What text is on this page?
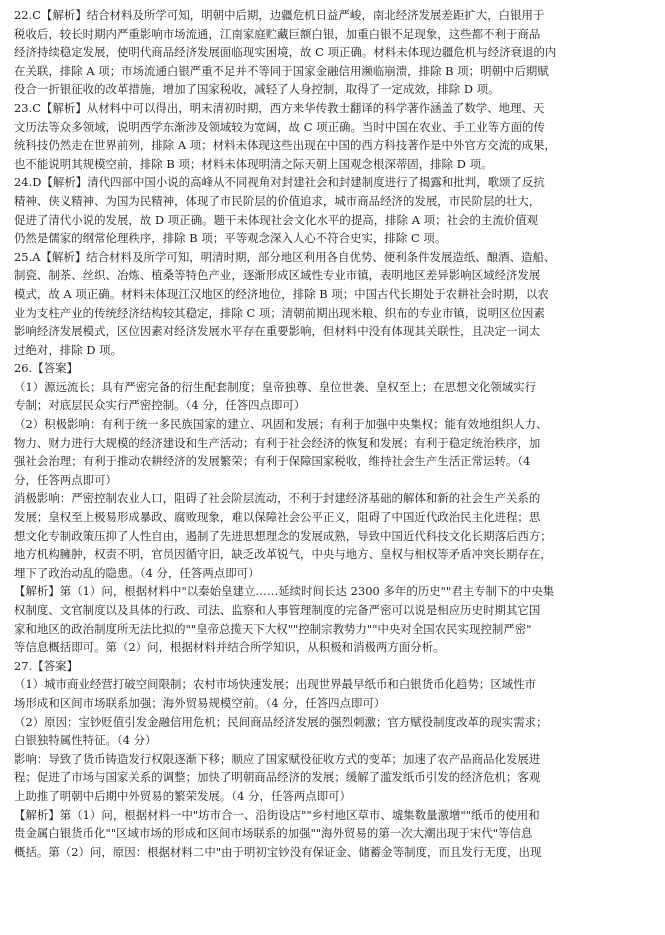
22.C【解析】结合材料及所学可知，明朝中后期，边疆危机日益严峻，南北经济发展差距扩大，白银用于
税收后，较长时期内严重影响市场流通，江南家庭贮藏巨额白银，加重白银不足现象，这些都不利于商品
经济持续稳定发展，使明代商品经济发展面临现实困境，故 C 项正确。材料未体现边疆危机与经济衰退的内
在关联，排除 A 项；市场流通白银严重不足并不等同于国家金融信用濒临崩溃，排除 B 项；明朝中后期赋
役合一折银征收的改革措施，增加了国家税收，减轻了人身控制，取得了一定成效，排除 D 项。
23.C【解析】从材料中可以得出，明末清初时期，西方来华传教士翻译的科学著作涵盖了数学、地理、天
文历法等众多领域，说明西学东渐涉及领域较为宽阔，故 C 项正确。当时中国在农业、手工业等方面的传
统科技仍然走在世界前列，排除 A 项；材料未体现这些出现在中国的西方科技著作是中外官方交流的成果，
也不能说明其规模空前，排除 B 项；材料未体现明清之际天朝上国观念根深蒂固，排除 D 项。
24.D【解析】清代四部中国小说的高峰从不同视角对封建社会和封建制度进行了揭露和批判，歌颂了反抗
精神、侠义精神、为国为民精神，体现了市民阶层的价值追求，城市商品经济的发展，市民阶层的壮大，
促进了清代小说的发展，故 D 项正确。题干未体现社会文化水平的提高，排除 A 项；社会的主流价值观
仍然是儒家的纲常伦理秩序，排除 B 项；平等观念深入人心不符合史实，排除 C 项。
25.A【解析】结合材料及所学可知，明清时期，部分地区利用各自优势、便利条件发展造纸、酿酒、造船、
制瓷、制茶、丝织、冶炼、植桑等特色产业，逐渐形成区域性专业市镇，表明地区差异影响区域经济发展
模式，故 A 项正确。材料未体现江汉地区的经济地位，排除 B 项；中国古代长期处于农耕社会时期，以农
业为支柱产业的传统经济结构较其稳定，排除 C 项；清朝前期出现米粮、织布的专业市镇，说明区位因素
影响经济发展模式，区位因素对经济发展水平存在重要影响，但材料中没有体现其关联性，且决定一词太
过绝对，排除 D 项。
26.【答案】
（1）源远流长；具有严密完备的衍生配套制度；皇帝独尊、皇位世袭、皇权至上；在思想文化领域实行
专制；对底层民众实行严密控制。（4 分，任答四点即可）
（2）积极影响：有利于统一多民族国家的建立、巩固和发展；有利于加强中央集权；能有效地组织人力、
物力、财力进行大规模的经济建设和生产活动；有利于社会经济的恢复和发展；有利于稳定统治秩序，加
强社会治理；有利于推动农耕经济的发展繁荣；有利于保障国家税收，维持社会生产生活正常运转。（4
分，任答两点即可）
消极影响：严密控制农业人口，阻碍了社会阶层流动，不利于封建经济基础的解体和新的社会生产关系的
发展；皇权至上极易形成暴政、腐败现象，难以保障社会公平正义，阻碍了中国近代政治民主化进程；思
想文化专制政策压抑了人性自由，遏制了先进思想理念的发展成熟，导致中国近代科技文化长期落后西方；
地方机构臃肿，权责不明，官员因循守旧，缺乏改革锐气，中央与地方、皇权与相权等矛盾冲突长期存在，
埋下了政治动乱的隐患。（4 分，任答两点即可）
【解析】第（1）问，根据材料中"以秦始皇建立……延续时间长达 2300 多年的历史""君主专制下的中央集
权制度、文官制度以及具体的行政、司法、监察和人事管理制度的完备严密可以说是相应历史时期其它国
家和地区的政治制度所无法比拟的""皇帝总揽天下大权""控制宗教势力""中央对全国农民实现控制严密"
等信息概括即可。第（2）问，根据材料并结合所学知识，从积极和消极两方面分析。
27.【答案】
（1）城市商业经营打破空间限制；农村市场快速发展；出现世界最早纸币和白银货币化趋势；区域性市
场形成和区间市场联系加强；海外贸易规模空前。（4 分，任答四点即可）
（2）原因：宝钞贬值引发金融信用危机；民间商品经济发展的强烈刺激；官方赋役制度改革的现实需求；
白银独特属性特征。（4 分）
影响：导致了货币铸造发行权限逐渐下移；顺应了国家赋役征收方式的变革；加速了农产品商品化发展进
程；促进了市场与国家关系的调整；加快了明朝商品经济的发展；缓解了滥发纸币引发的经济危机；客观
上助推了明朝中后期中外贸易的繁荣发展。（4 分，任答两点即可）
【解析】第（1）问，根据材料一中"坊市合一、沿街设店""乡村地区草市、墟集数量激增""纸币的使用和
贵金属白银货币化""区域市场的形成和区间市场联系的加强""海外贸易的第一次大潮出现于宋代"等信息
概括。第（2）问，原因：根据材料二中"由于明初宝钞没有保证金、储蓄金等制度，而且发行无度，出现
